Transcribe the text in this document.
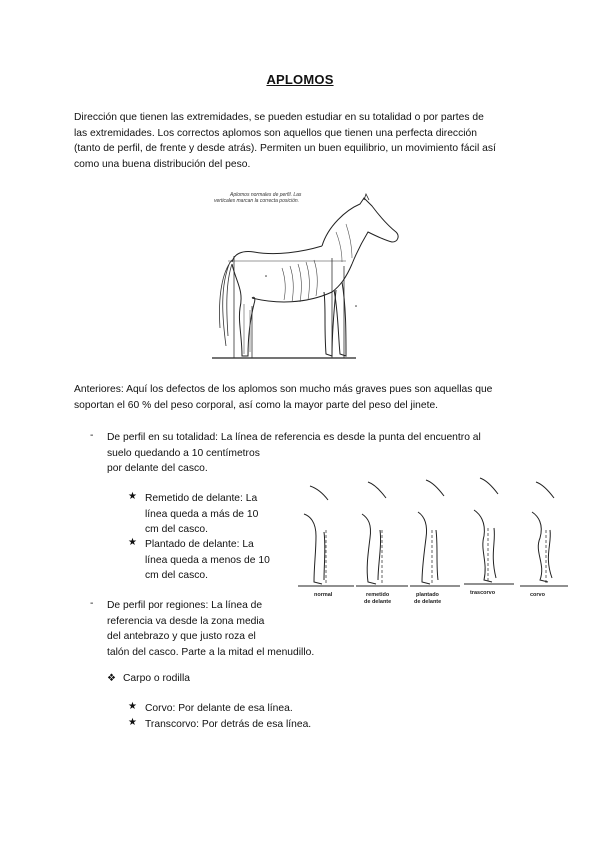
APLOMOS
Dirección que tienen las extremidades, se pueden estudiar en su totalidad o por partes de
las extremidades. Los correctos aplomos son aquellos que tienen una perfecta dirección
(tanto de perfil, de frente y desde atrás). Permiten un buen equilibrio, un movimiento fácil así
como una buena distribución del peso.
Aplomos normales de perfil. Las
verticales marcan la correcta posición.
Anteriores: Aquí los defectos de los aplomos son mucho más graves pues son aquellas que
soportan el 60 % del peso corporal, así como la mayor parte del peso del jinete.
- De perfil en su totalidad: La línea de referencia es desde la punta del encuentro al
suelo quedando a 10 centímetros
por delante del casco.
★ Remetido de delante: La
línea queda a más de 10
cm del casco.
★ Plantado de delante: La
línea queda a menos de 10
cm del casco.
normal	remetido
de delante
plantado
de delante
trascorvo	corvo
- De perfil por regiones: La línea de
referencia va desde la zona media
del antebrazo y que justo roza el
talón del casco. Parte a la mitad el menudillo.
❖ Carpo o rodilla
★ Corvo: Por delante de esa línea.
★ Transcorvo: Por detrás de esa línea.
